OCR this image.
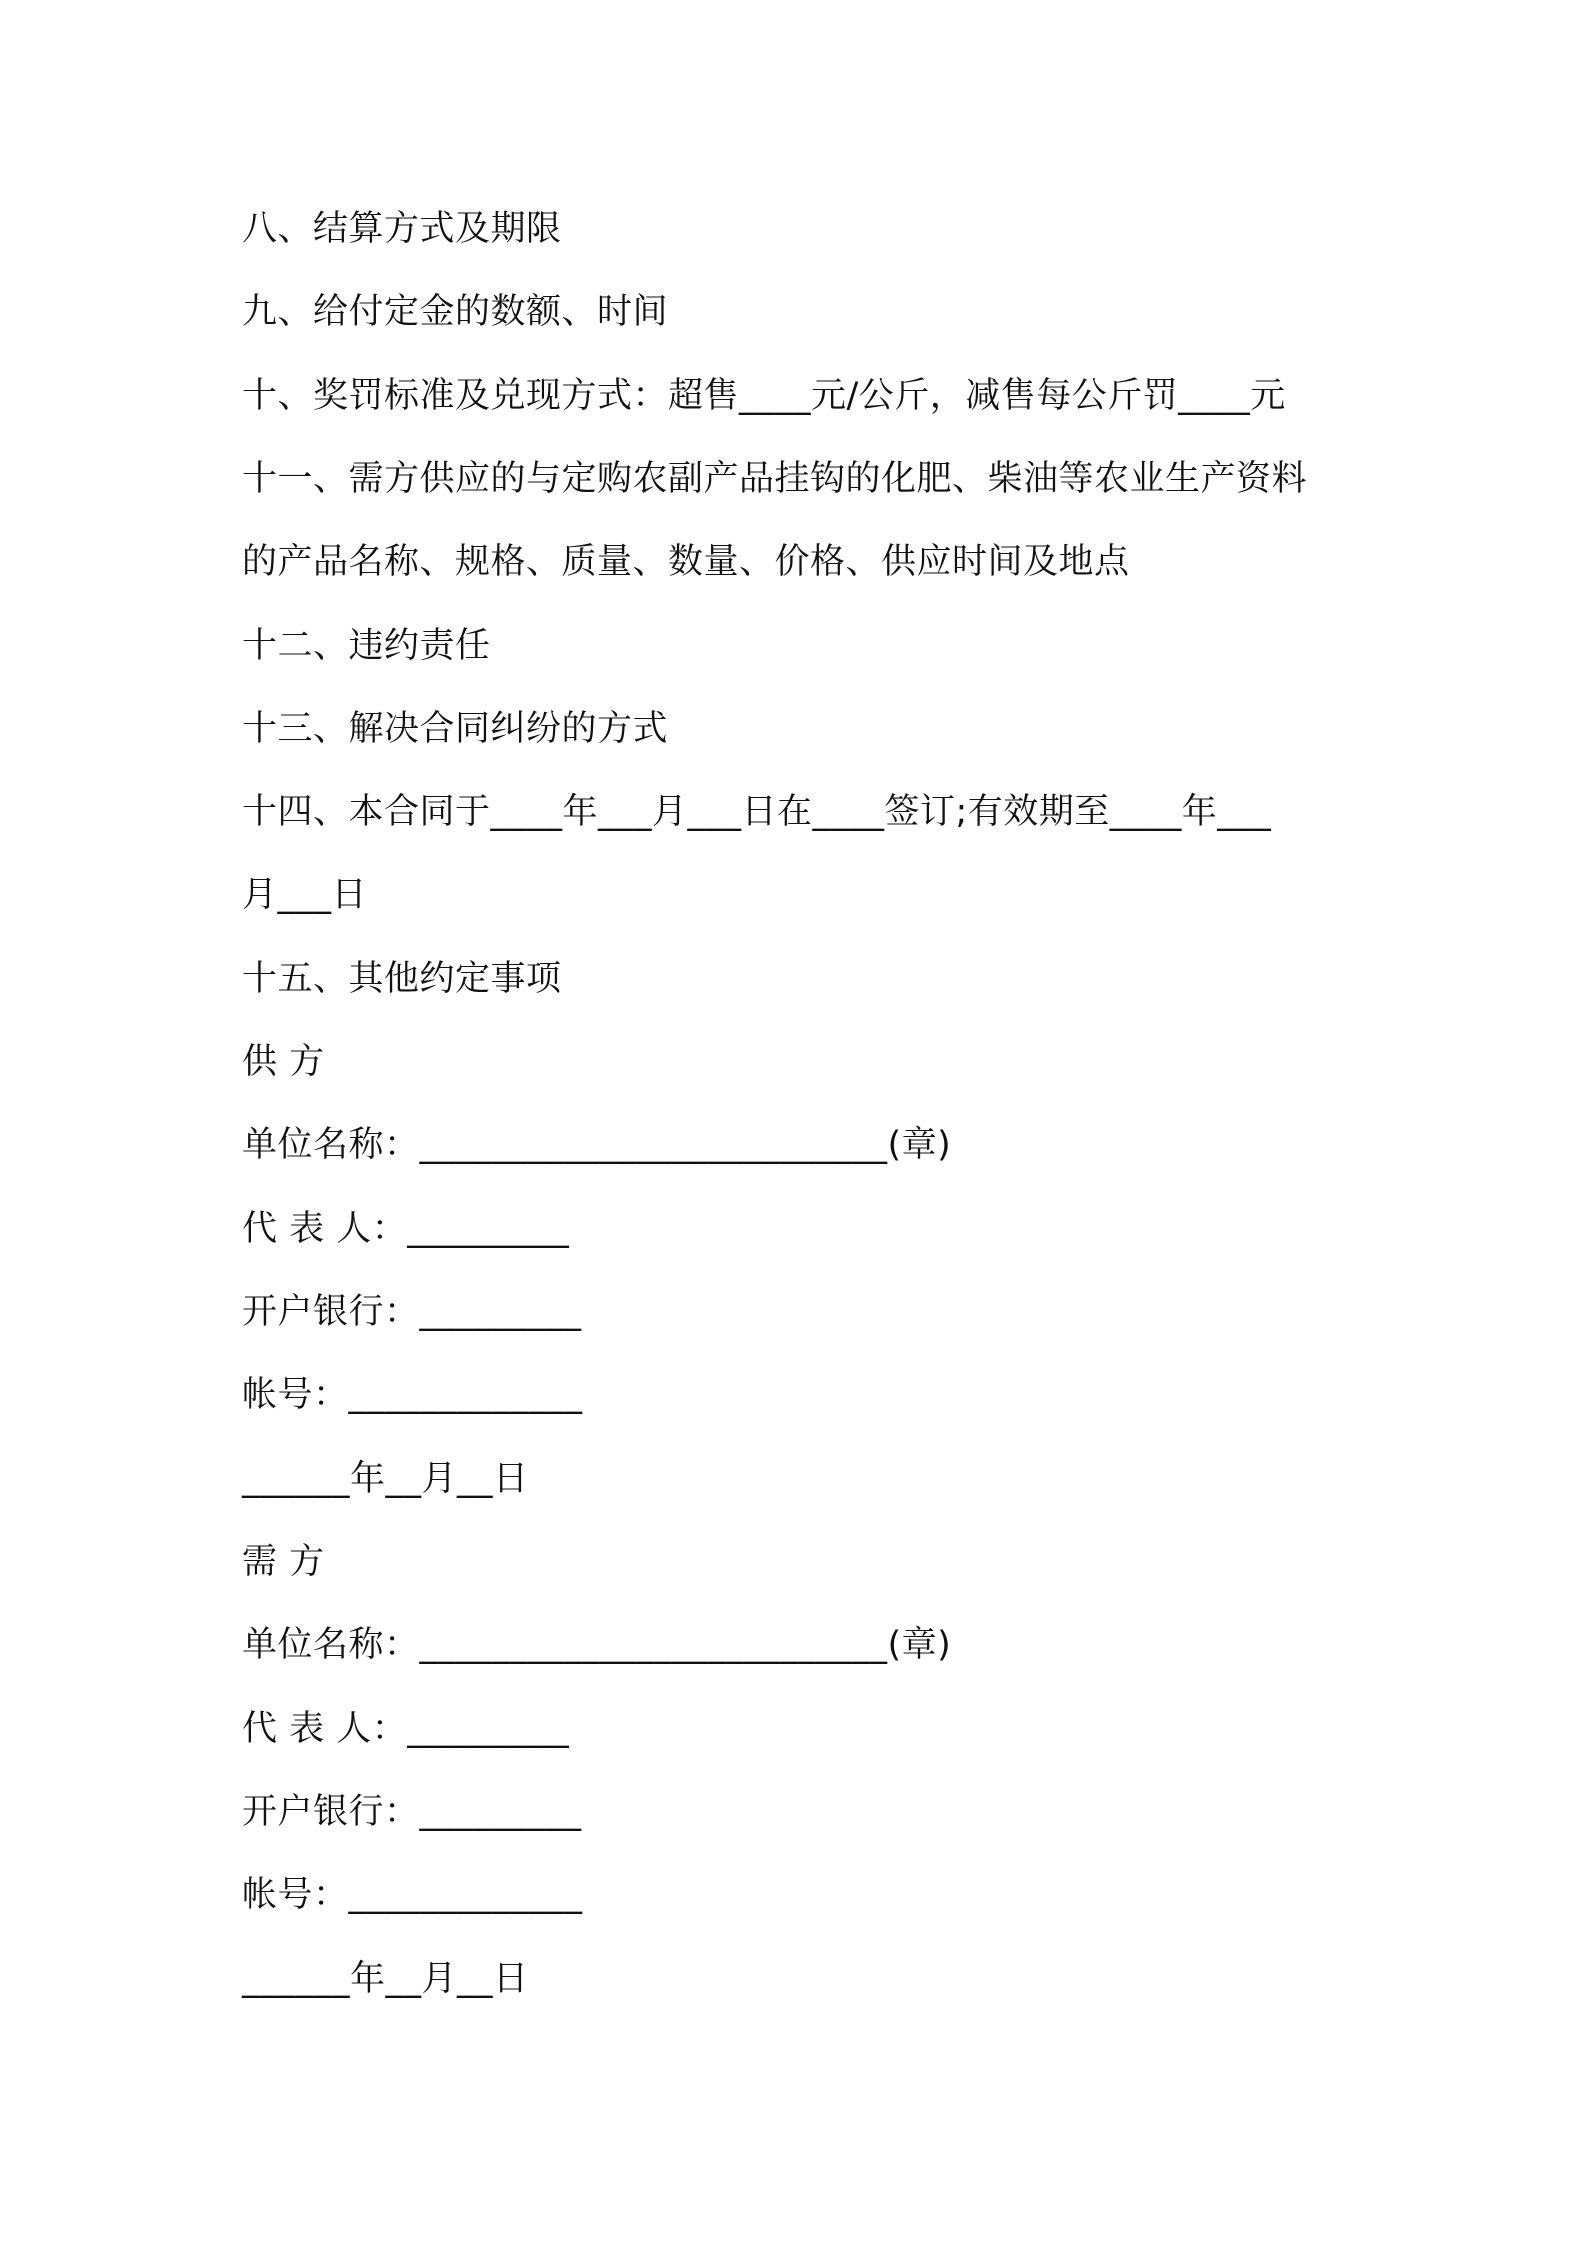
八、结算方式及期限
九、给付定金的数额、时间
十、奖罚标准及兑现方式：超售____元/公斤，减售每公斤罚____元
十一、需方供应的与定购农副产品挂钩的化肥、柴油等农业生产资料
的产品名称、规格、质量、数量、价格、供应时间及地点
十二、违约责任
十三、解决合同纠纷的方式
十四、本合同于____年___月___日在____签订;有效期至____年___
月___日
十五、其他约定事项
供 方
单位名称：__________________________(章)
代 表 人：_________
开户银行：_________
帐号：_____________
______年__月__日
需 方
单位名称：__________________________(章)
代 表 人：_________
开户银行：_________
帐号：_____________
______年__月__日
